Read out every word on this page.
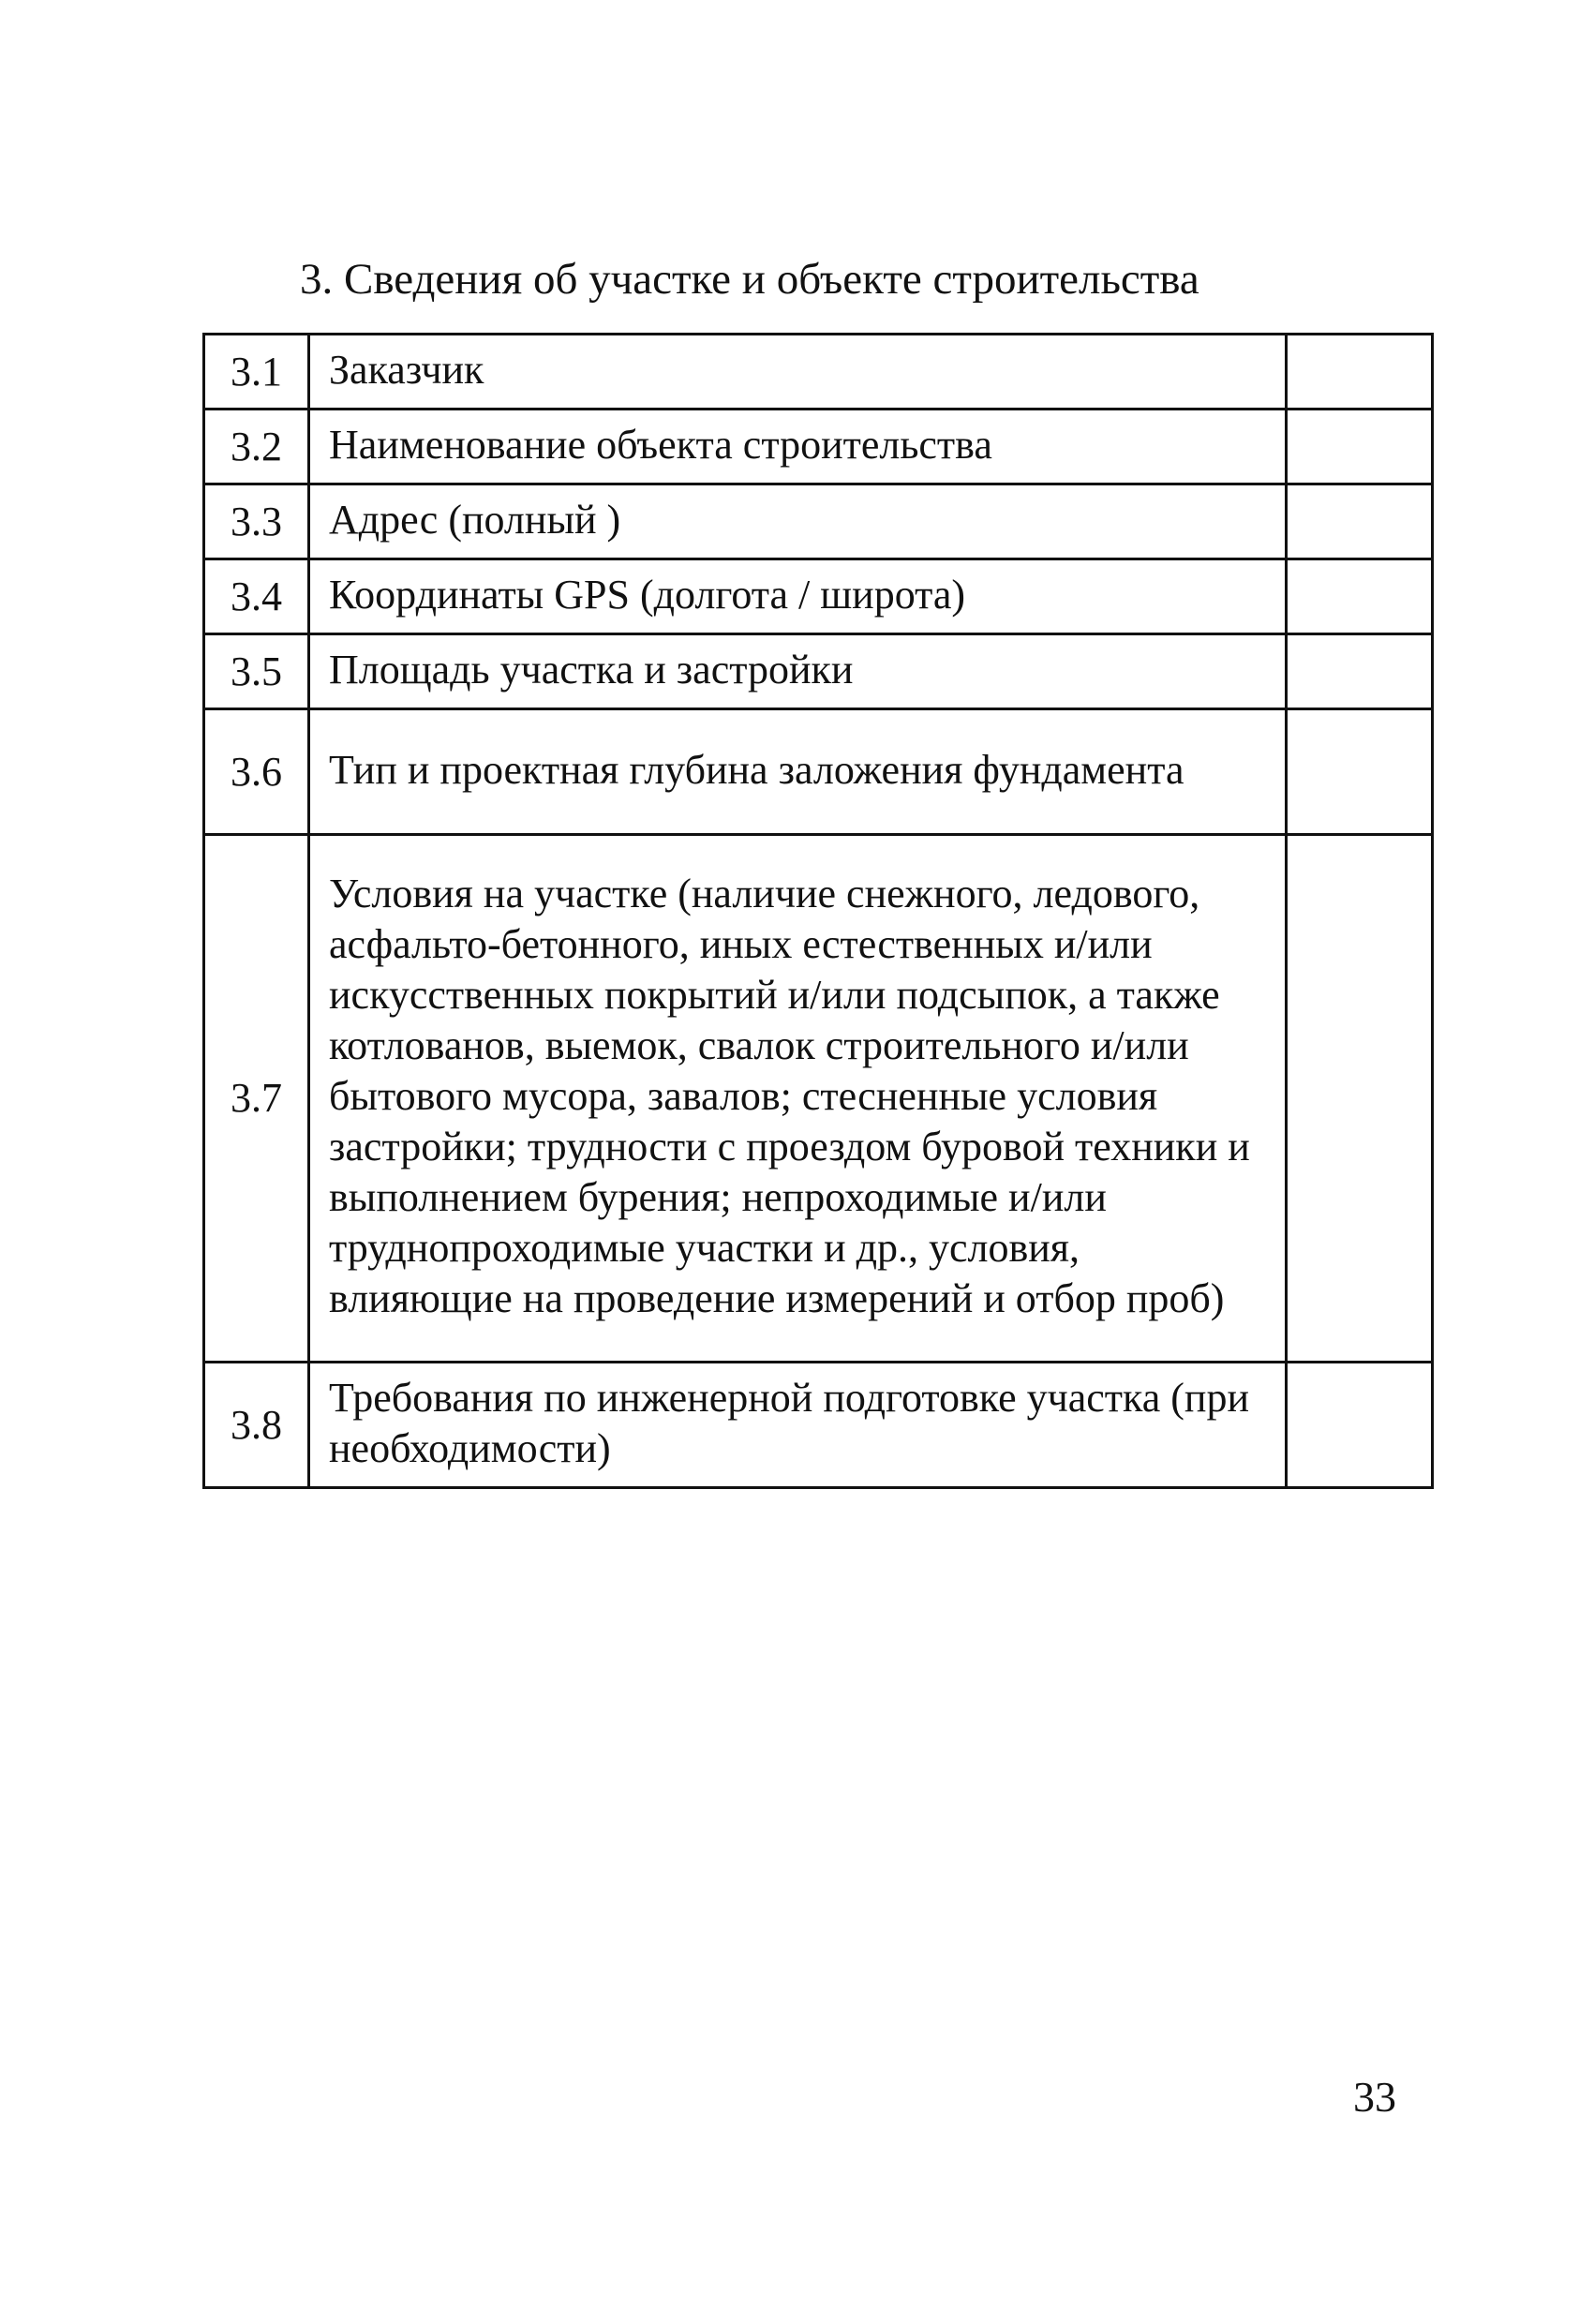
3. Сведения об участке и объекте строительства
3.1	Заказчик	
3.2	Наименование объекта строительства	
3.3	Адрес (полный )	
3.4	Координаты GPS (долгота / широта)	
3.5	Площадь участка и застройки	
3.6	Тип и проектная глубина заложения фундамента	
3.7	Условия на участке (наличие снежного, ледового, асфальто-бетонного, иных естественных и/или искусственных покрытий и/или подсыпок, а также котлованов, выемок, свалок строительного и/или бытового мусора, завалов; стесненные условия застройки; трудности с проездом буровой техники и выполнением бурения; непроходимые и/или труднопроходимые участки и др., условия, влияющие на проведение измерений и отбор проб)	
3.8	Требования по инженерной подготовке участка (при необходимости)	
33
